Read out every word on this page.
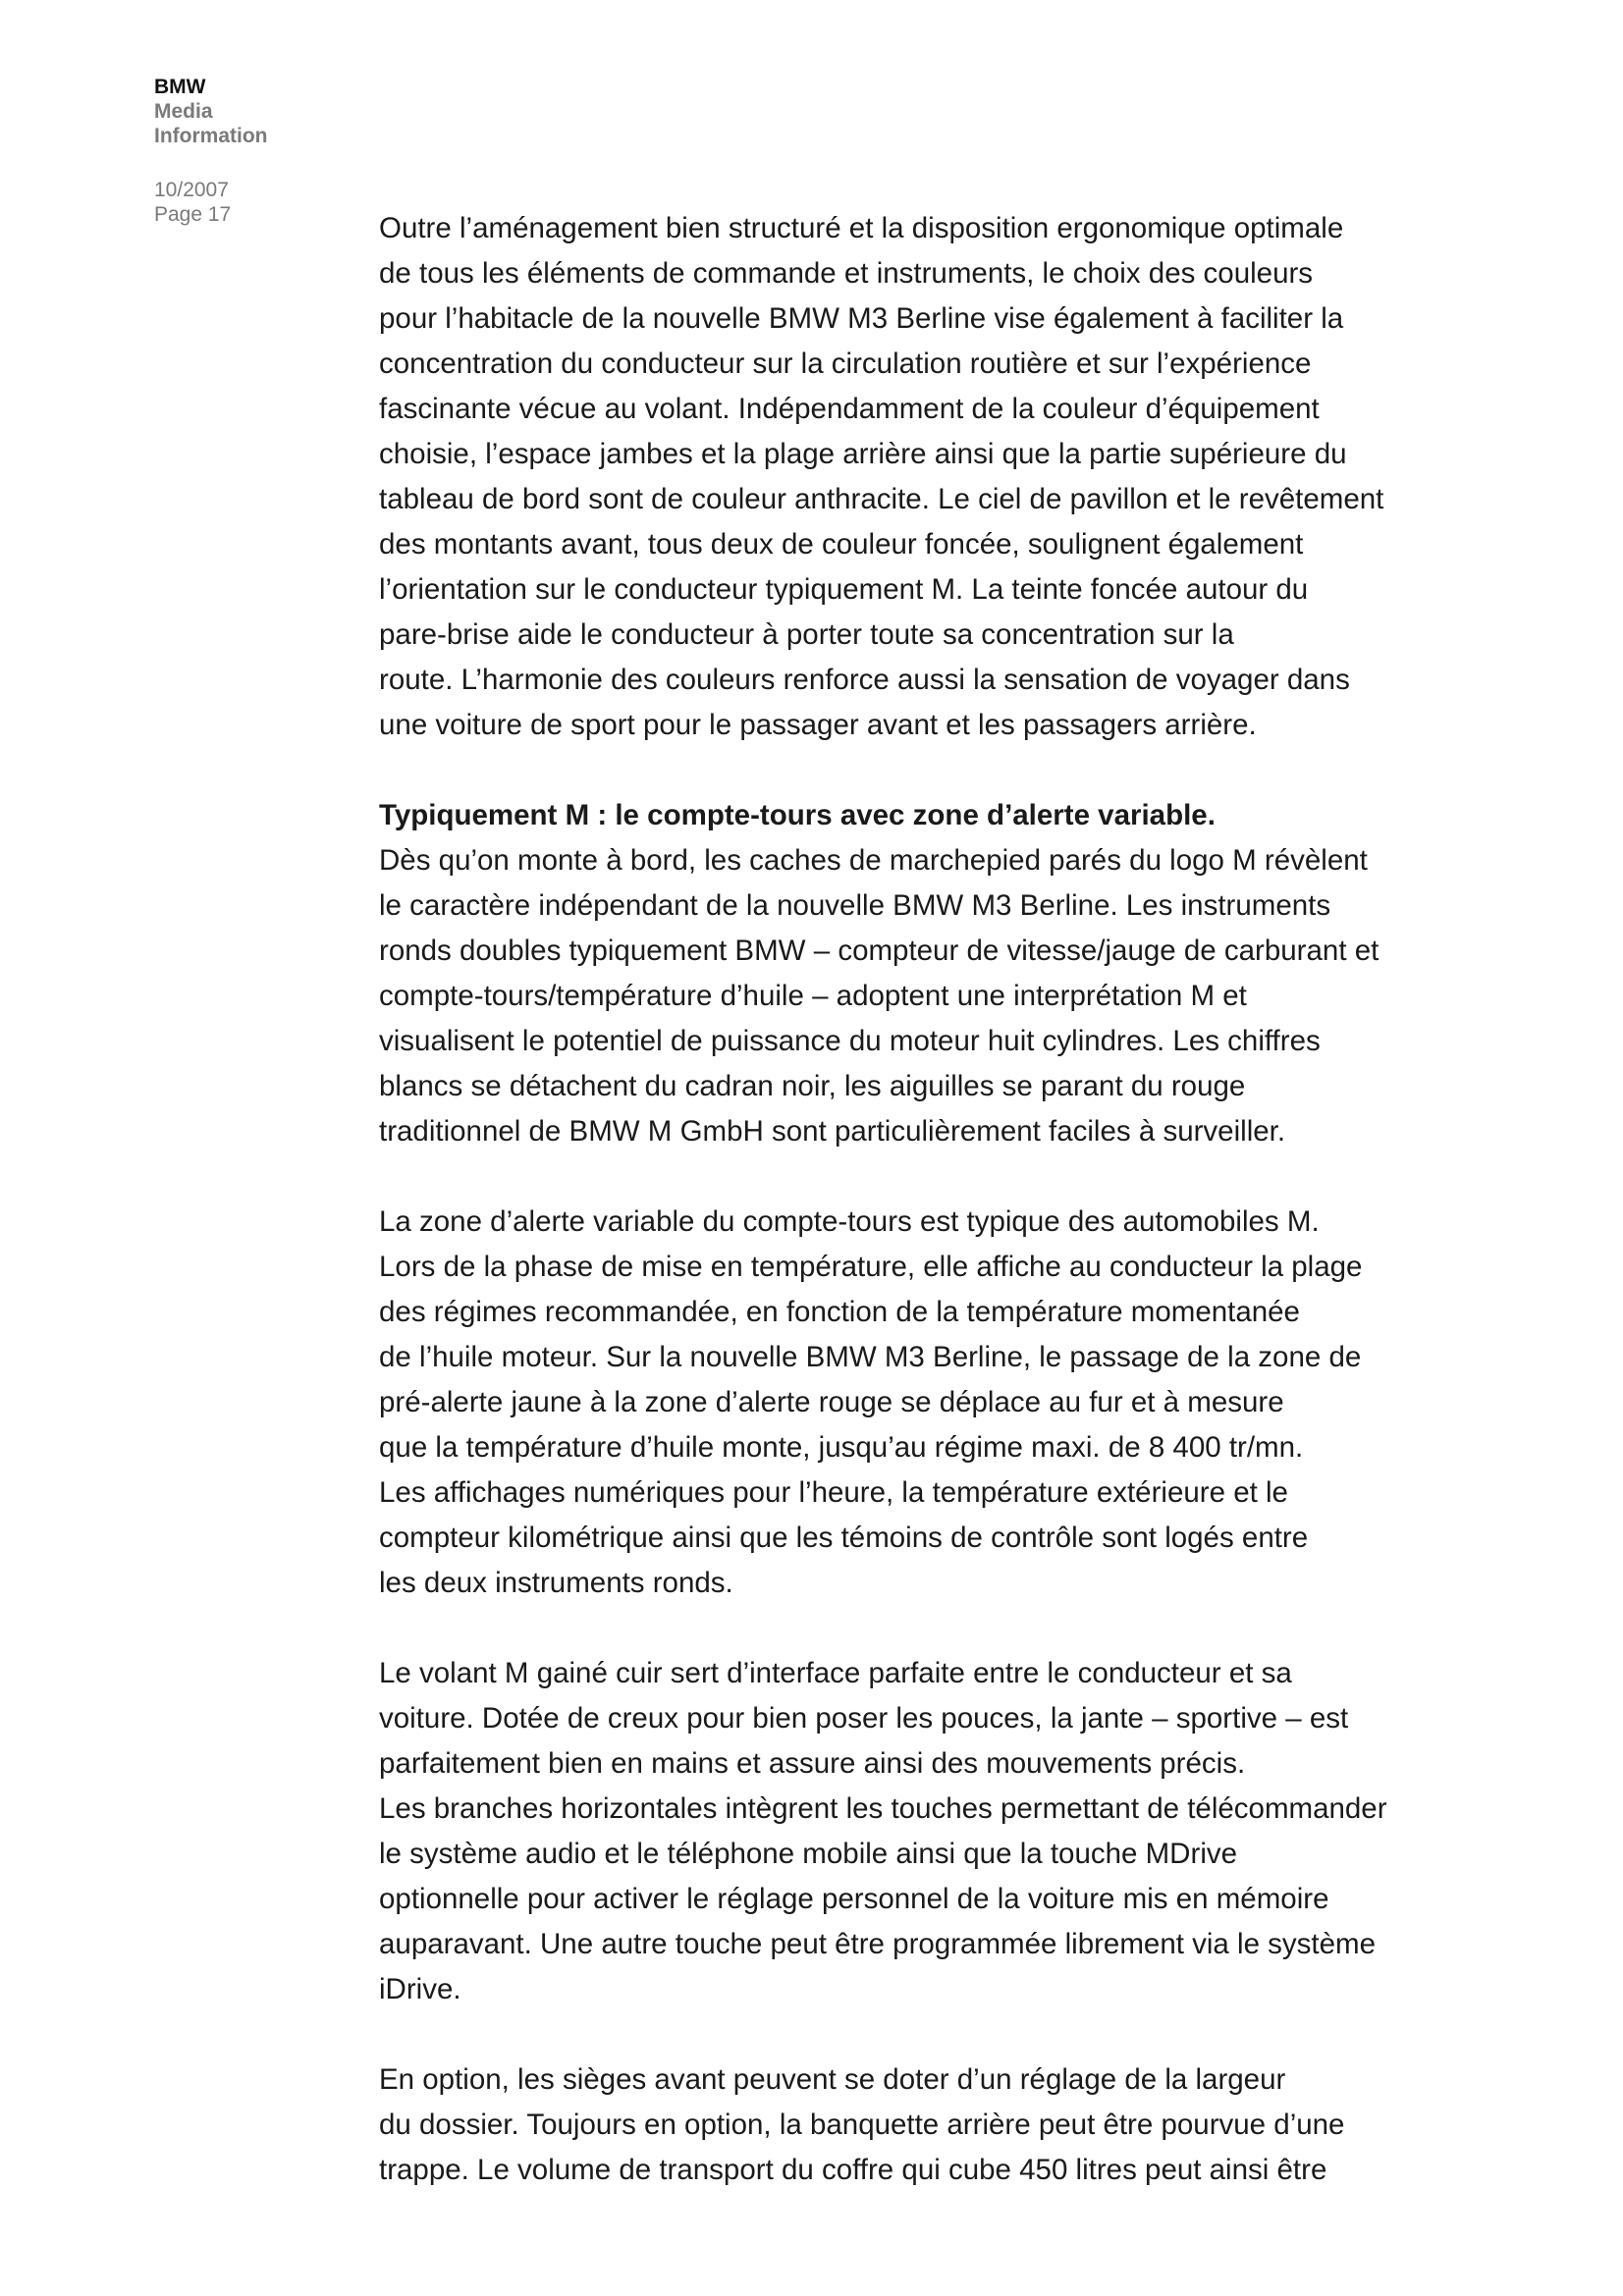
BMW
Media
Information
10/2007
Page 17	Outre l’aménagement bien structuré et la disposition ergonomique optimale
de tous les éléments de commande et instruments, le choix des couleurs
pour l’habitacle de la nouvelle BMW M3 Berline vise également à faciliter la
concentration du conducteur sur la circulation routière et sur l’expérience
fascinante vécue au volant. Indépendamment de la couleur d’équipement
choisie, l’espace jambes et la plage arrière ainsi que la partie supérieure du
tableau de bord sont de couleur anthracite. Le ciel de pavillon et le revêtement
des montants avant, tous deux de couleur foncée, soulignent également
l’orientation sur le conducteur typiquement M. La teinte foncée autour du
pare-brise aide le conducteur à porter toute sa concentration sur la
route. L’harmonie des couleurs renforce aussi la sensation de voyager dans
une voiture de sport pour le passager avant et les passagers arrière.
Typiquement M : le compte-tours avec zone d’alerte variable.
Dès qu’on monte à bord, les caches de marchepied parés du logo M révèlent
le caractère indépendant de la nouvelle BMW M3 Berline. Les instruments
ronds doubles typiquement BMW – compteur de vitesse/jauge de carburant et
compte-tours/température d’huile – adoptent une interprétation M et
visualisent le potentiel de puissance du moteur huit cylindres. Les chiffres
blancs se détachent du cadran noir, les aiguilles se parant du rouge
traditionnel de BMW M GmbH sont particulièrement faciles à surveiller.
La zone d’alerte variable du compte-tours est typique des automobiles M.
Lors de la phase de mise en température, elle affiche au conducteur la plage
des régimes recommandée, en fonction de la température momentanée
de l’huile moteur. Sur la nouvelle BMW M3 Berline, le passage de la zone de
pré-alerte jaune à la zone d’alerte rouge se déplace au fur et à mesure
que la température d’huile monte, jusqu’au régime maxi. de 8 400 tr/mn.
Les affichages numériques pour l’heure, la température extérieure et le
compteur kilométrique ainsi que les témoins de contrôle sont logés entre
les deux instruments ronds.
Le volant M gainé cuir sert d’interface parfaite entre le conducteur et sa
voiture. Dotée de creux pour bien poser les pouces, la jante – sportive – est
parfaitement bien en mains et assure ainsi des mouvements précis.
Les branches horizontales intègrent les touches permettant de télécommander
le système audio et le téléphone mobile ainsi que la touche MDrive
optionnelle pour activer le réglage personnel de la voiture mis en mémoire
auparavant. Une autre touche peut être programmée librement via le système
iDrive.
En option, les sièges avant peuvent se doter d’un réglage de la largeur
du dossier. Toujours en option, la banquette arrière peut être pourvue d’une
trappe. Le volume de transport du coffre qui cube 450 litres peut ainsi être
